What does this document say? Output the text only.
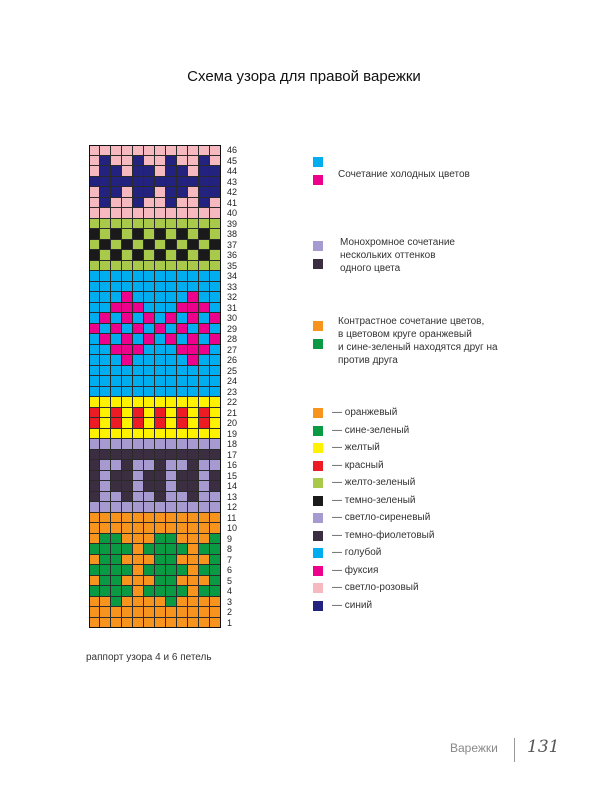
Схема узора для правой варежки
46
45
44
43
42
41
40
39
38
37
36
35
34
33
32
31
30
29
28
27
26
25
24
23
22
21
20
19
18
17
16
15
14
13
12
11
10
9
8
7
6
5
4
3
2
1
Сочетание холодных цветов
Монохромное сочетание
нескольких оттенков
одного цвета
Контрастное сочетание цветов,
в цветовом круге оранжевый
и сине-зеленый находятся друг на
против друга
— оранжевый
— сине-зеленый
— желтый
— красный
— желто-зеленый
— темно-зеленый
— светло-сиреневый
— темно-фиолетовый
— голубой
— фуксия
— светло-розовый
— синий
раппорт узора 4 и 6 петель
Варежки 131
